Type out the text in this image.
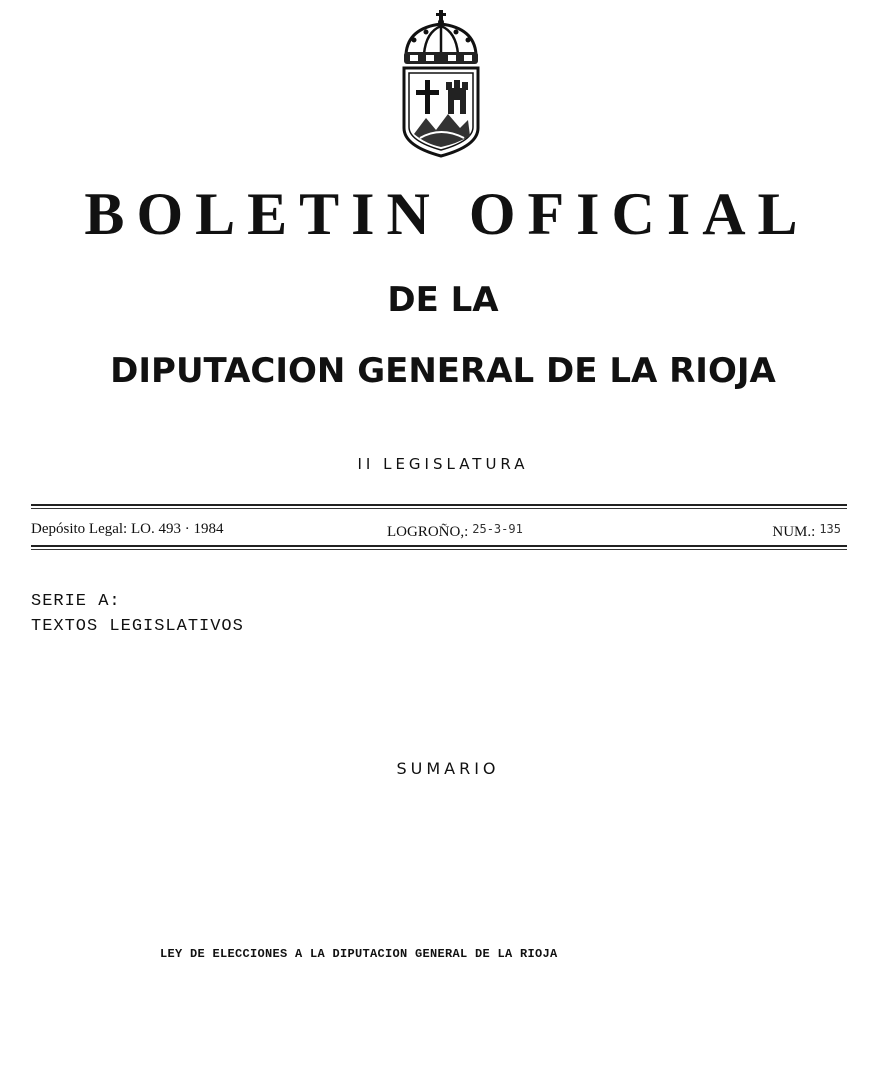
BOLETIN OFICIAL
DE LA
DIPUTACION GENERAL DE LA RIOJA
II LEGISLATURA
Depósito Legal: LO. 493 · 1984	LOGROÑO,: $^{25-3-91}$	NUM.: $^{135}$
SERIE A:
TEXTOS LEGISLATIVOS
SUMARIO
LEY DE ELECCIONES A LA DIPUTACION GENERAL DE LA RIOJA
